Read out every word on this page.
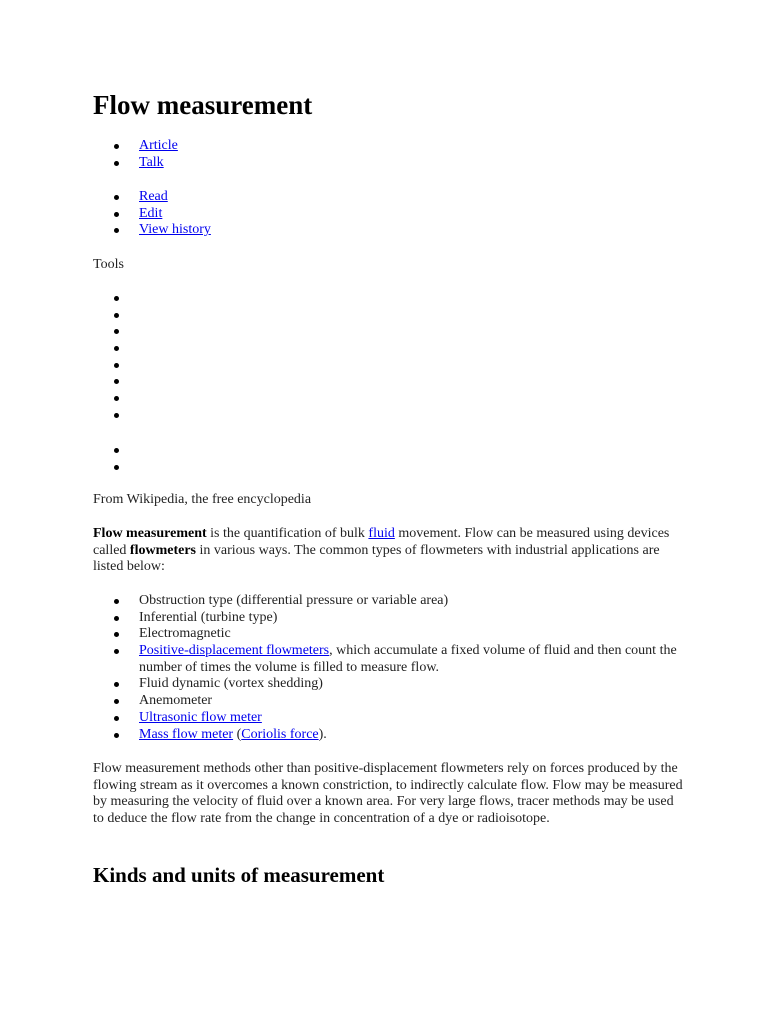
Flow measurement
Article
Talk
Read
Edit
View history

Tools

From Wikipedia, the free encyclopedia

Flow measurement is the quantification of bulk fluid movement. Flow can be measured using devices called flowmeters in various ways. The common types of flowmeters with industrial applications are listed below:

Obstruction type (differential pressure or variable area)
Inferential (turbine type)
Electromagnetic
Positive-displacement flowmeters, which accumulate a fixed volume of fluid and then count the number of times the volume is filled to measure flow.
Fluid dynamic (vortex shedding)
Anemometer
Ultrasonic flow meter
Mass flow meter (Coriolis force).

Flow measurement methods other than positive-displacement flowmeters rely on forces produced by the flowing stream as it overcomes a known constriction, to indirectly calculate flow. Flow may be measured by measuring the velocity of fluid over a known area. For very large flows, tracer methods may be used to deduce the flow rate from the change in concentration of a dye or radioisotope.

Kinds and units of measurement
